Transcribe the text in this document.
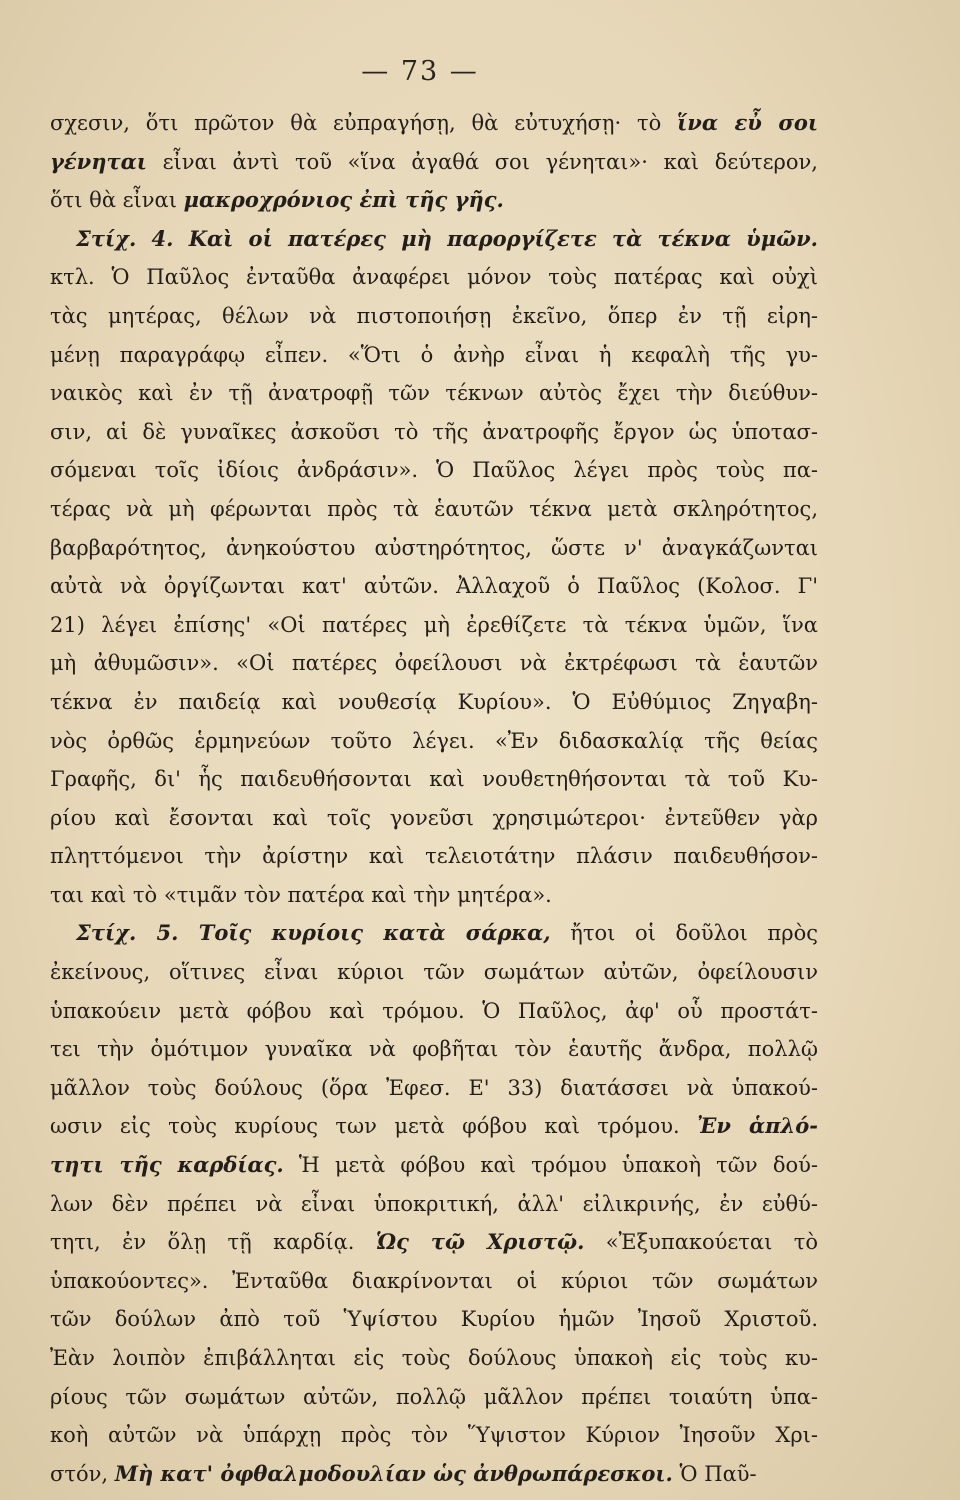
— 73 —
σχεσιν, ὅτι πρῶτον θὰ εὐπραγήσῃ, θὰ εὐτυχήσῃ· τὸ ἵνα εὖ σοι
γένηται εἶναι ἀντὶ τοῦ «ἵνα ἀγαθά σοι γένηται»· καὶ δεύτερον,
ὅτι θὰ εἶναι μακροχρόνιος ἐπὶ τῆς γῆς.
Στίχ. 4. Καὶ οἱ πατέρες μὴ παροργίζετε τὰ τέκνα ὑμῶν.
κτλ. Ὁ Παῦλος ἐνταῦθα ἀναφέρει μόνον τοὺς πατέρας καὶ οὐχὶ
τὰς μητέρας, θέλων νὰ πιστοποιήσῃ ἐκεῖνο, ὅπερ ἐν τῇ εἰρη-
μένῃ παραγράφῳ εἶπεν. «Ὅτι ὁ ἀνὴρ εἶναι ἡ κεφαλὴ τῆς γυ-
ναικὸς καὶ ἐν τῇ ἀνατροφῇ τῶν τέκνων αὐτὸς ἔχει τὴν διεύθυν-
σιν, αἱ δὲ γυναῖκες ἀσκοῦσι τὸ τῆς ἀνατροφῆς ἔργον ὡς ὑποτασ-
σόμεναι τοῖς ἰδίοις ἀνδράσιν». Ὁ Παῦλος λέγει πρὸς τοὺς πα-
τέρας νὰ μὴ φέρωνται πρὸς τὰ ἑαυτῶν τέκνα μετὰ σκληρότητος,
βαρβαρότητος, ἀνηκούστου αὐστηρότητος, ὥστε ν' ἀναγκάζωνται
αὐτὰ νὰ ὀργίζωνται κατ' αὐτῶν. Ἀλλαχοῦ ὁ Παῦλος (Κολοσ. Γ'
21) λέγει ἐπίσης' «Οἱ πατέρες μὴ ἐρεθίζετε τὰ τέκνα ὑμῶν, ἵνα
μὴ ἀθυμῶσιν». «Οἱ πατέρες ὀφείλουσι νὰ ἐκτρέφωσι τὰ ἑαυτῶν
τέκνα ἐν παιδείᾳ καὶ νουθεσίᾳ Κυρίου». Ὁ Εὐθύμιος Ζηγαβη-
νὸς ὀρθῶς ἑρμηνεύων τοῦτο λέγει. «Ἐν διδασκαλίᾳ τῆς θείας
Γραφῆς, δι' ἧς παιδευθήσονται καὶ νουθετηθήσονται τὰ τοῦ Κυ-
ρίου καὶ ἔσονται καὶ τοῖς γονεῦσι χρησιμώτεροι· ἐντεῦθεν γὰρ
πληττόμενοι τὴν ἀρίστην καὶ τελειοτάτην πλάσιν παιδευθήσον-
ται καὶ τὸ «τιμᾶν τὸν πατέρα καὶ τὴν μητέρα».
Στίχ. 5. Τοῖς κυρίοις κατὰ σάρκα, ἤτοι οἱ δοῦλοι πρὸς
ἐκείνους, οἵτινες εἶναι κύριοι τῶν σωμάτων αὐτῶν, ὀφείλουσιν
ὑπακούειν μετὰ φόβου καὶ τρόμου. Ὁ Παῦλος, ἀφ' οὗ προστάτ-
τει τὴν ὁμότιμον γυναῖκα νὰ φοβῆται τὸν ἑαυτῆς ἄνδρα, πολλῷ
μᾶλλον τοὺς δούλους (ὅρα Ἐφεσ. Ε' 33) διατάσσει νὰ ὑπακού-
ωσιν εἰς τοὺς κυρίους των μετὰ φόβου καὶ τρόμου. Ἐν ἁπλό-
τητι τῆς καρδίας. Ἡ μετὰ φόβου καὶ τρόμου ὑπακοὴ τῶν δού-
λων δὲν πρέπει νὰ εἶναι ὑποκριτική, ἀλλ' εἰλικρινής, ἐν εὐθύ-
τητι, ἐν ὅλῃ τῇ καρδίᾳ. Ὡς τῷ Χριστῷ. «Ἐξυπακούεται τὸ
ὑπακούοντες». Ἐνταῦθα διακρίνονται οἱ κύριοι τῶν σωμάτων
τῶν δούλων ἀπὸ τοῦ Ὑψίστου Κυρίου ἡμῶν Ἰησοῦ Χριστοῦ.
Ἐὰν λοιπὸν ἐπιβάλληται εἰς τοὺς δούλους ὑπακοὴ εἰς τοὺς κυ-
ρίους τῶν σωμάτων αὐτῶν, πολλῷ μᾶλλον πρέπει τοιαύτη ὑπα-
κοὴ αὐτῶν νὰ ὑπάρχῃ πρὸς τὸν Ὕψιστον Κύριον Ἰησοῦν Χρι-
στόν, Μὴ κατ' ὀφθαλμοδουλίαν ὡς ἀνθρωπάρεσκοι. Ὁ Παῦ-
